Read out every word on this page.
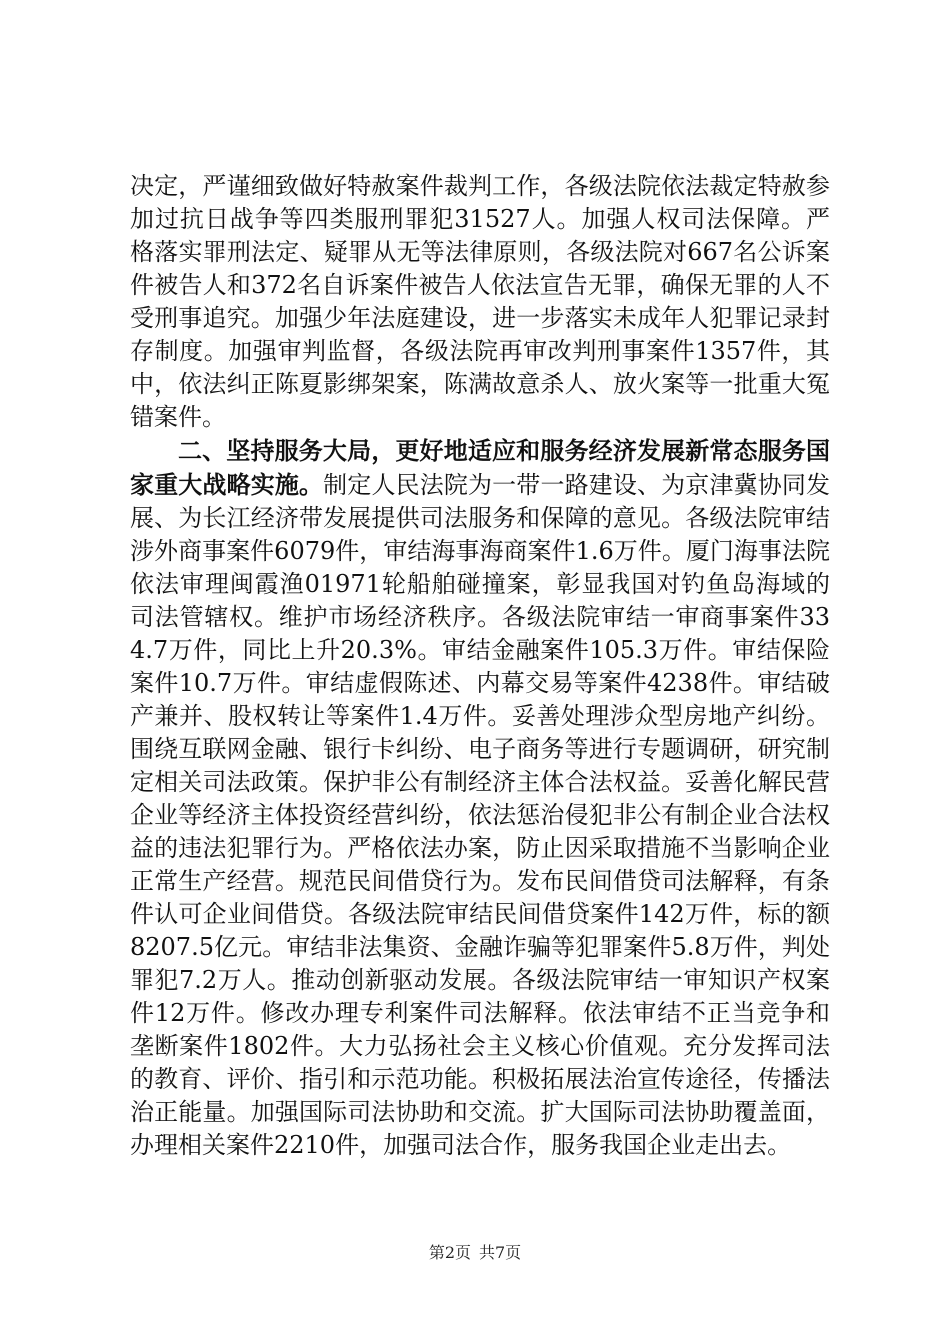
决定，严谨细致做好特赦案件裁判工作，各级法院依法裁定特赦参加过抗日战争等四类服刑罪犯31527人。加强人权司法保障。严格落实罪刑法定、疑罪从无等法律原则，各级法院对667名公诉案件被告人和372名自诉案件被告人依法宣告无罪，确保无罪的人不受刑事追究。加强少年法庭建设，进一步落实未成年人犯罪记录封存制度。加强审判监督，各级法院再审改判刑事案件1357件，其中，依法纠正陈夏影绑架案，陈满故意杀人、放火案等一批重大冤错案件。

二、坚持服务大局，更好地适应和服务经济发展新常态服务国家重大战略实施。制定人民法院为一带一路建设、为京津冀协同发展、为长江经济带发展提供司法服务和保障的意见。各级法院审结涉外商事案件6079件，审结海事海商案件1.6万件。厦门海事法院依法审理闽霞渔01971轮船舶碰撞案，彰显我国对钓鱼岛海域的司法管辖权。维护市场经济秩序。各级法院审结一审商事案件334.7万件，同比上升20.3%。审结金融案件105.3万件。审结保险案件10.7万件。审结虚假陈述、内幕交易等案件4238件。审结破产兼并、股权转让等案件1.4万件。妥善处理涉众型房地产纠纷。围绕互联网金融、银行卡纠纷、电子商务等进行专题调研，研究制定相关司法政策。保护非公有制经济主体合法权益。妥善化解民营企业等经济主体投资经营纠纷，依法惩治侵犯非公有制企业合法权益的违法犯罪行为。严格依法办案，防止因采取措施不当影响企业正常生产经营。规范民间借贷行为。发布民间借贷司法解释，有条件认可企业间借贷。各级法院审结民间借贷案件142万件，标的额8207.5亿元。审结非法集资、金融诈骗等犯罪案件5.8万件，判处罪犯7.2万人。推动创新驱动发展。各级法院审结一审知识产权案件12万件。修改办理专利案件司法解释。依法审结不正当竞争和垄断案件1802件。大力弘扬社会主义核心价值观。充分发挥司法的教育、评价、指引和示范功能。积极拓展法治宣传途径，传播法治正能量。加强国际司法协助和交流。扩大国际司法协助覆盖面，办理相关案件2210件，加强司法合作，服务我国企业走出去。

第2页 共7页
